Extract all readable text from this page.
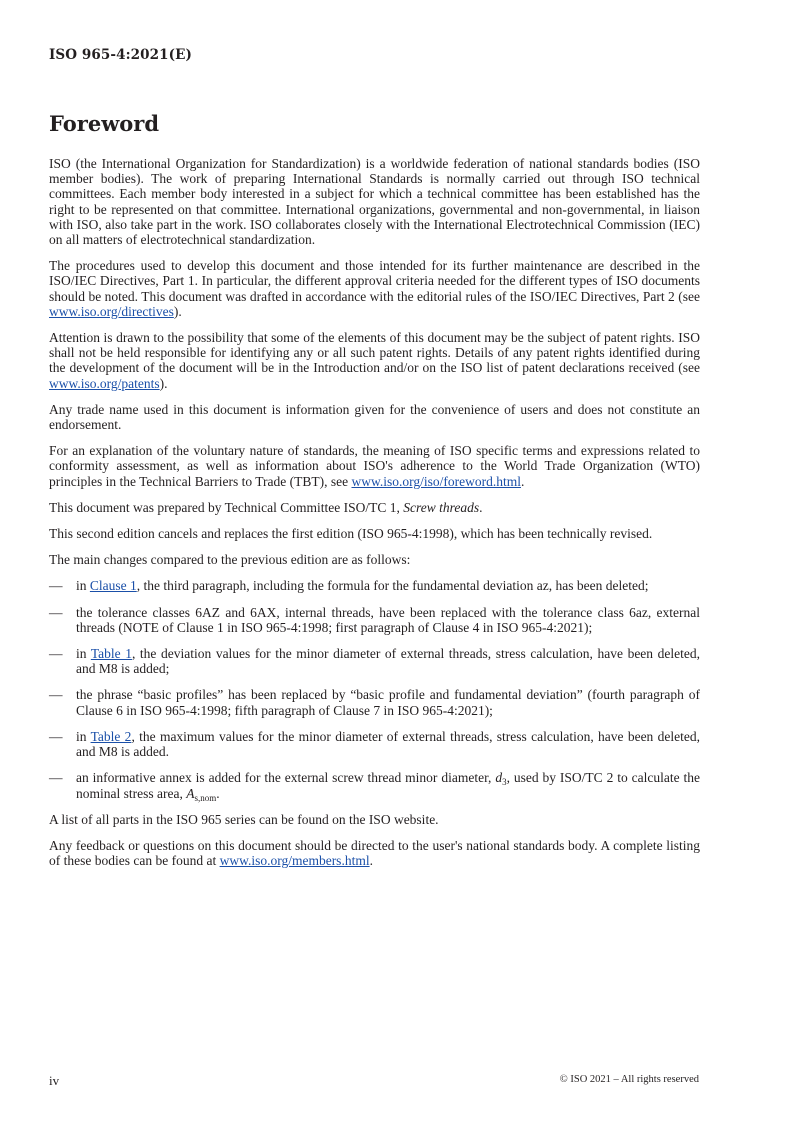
ISO 965-4:2021(E)
Foreword

ISO (the International Organization for Standardization) is a worldwide federation of national standards bodies (ISO member bodies). The work of preparing International Standards is normally carried out through ISO technical committees. Each member body interested in a subject for which a technical committee has been established has the right to be represented on that committee. International organizations, governmental and non-governmental, in liaison with ISO, also take part in the work. ISO collaborates closely with the International Electrotechnical Commission (IEC) on all matters of electrotechnical standardization.

The procedures used to develop this document and those intended for its further maintenance are described in the ISO/IEC Directives, Part 1. In particular, the different approval criteria needed for the different types of ISO documents should be noted. This document was drafted in accordance with the editorial rules of the ISO/IEC Directives, Part 2 (see www.iso.org/directives).

Attention is drawn to the possibility that some of the elements of this document may be the subject of patent rights. ISO shall not be held responsible for identifying any or all such patent rights. Details of any patent rights identified during the development of the document will be in the Introduction and/or on the ISO list of patent declarations received (see www.iso.org/patents).

Any trade name used in this document is information given for the convenience of users and does not constitute an endorsement.

For an explanation of the voluntary nature of standards, the meaning of ISO specific terms and expressions related to conformity assessment, as well as information about ISO's adherence to the World Trade Organization (WTO) principles in the Technical Barriers to Trade (TBT), see www.iso.org/iso/foreword.html.

This document was prepared by Technical Committee ISO/TC 1, Screw threads.

This second edition cancels and replaces the first edition (ISO 965-4:1998), which has been technically revised.

The main changes compared to the previous edition are as follows:

— in Clause 1, the third paragraph, including the formula for the fundamental deviation az, has been deleted;

— the tolerance classes 6AZ and 6AX, internal threads, have been replaced with the tolerance class 6az, external threads (NOTE of Clause 1 in ISO 965-4:1998; first paragraph of Clause 4 in ISO 965-4:2021);

— in Table 1, the deviation values for the minor diameter of external threads, stress calculation, have been deleted, and M8 is added;

— the phrase “basic profiles” has been replaced by “basic profile and fundamental deviation” (fourth paragraph of Clause 6 in ISO 965-4:1998; fifth paragraph of Clause 7 in ISO 965-4:2021);

— in Table 2, the maximum values for the minor diameter of external threads, stress calculation, have been deleted, and M8 is added.

— an informative annex is added for the external screw thread minor diameter, $d_3$, used by ISO/TC 2 to calculate the nominal stress area, $A_{s,nom}$.

A list of all parts in the ISO 965 series can be found on the ISO website.

Any feedback or questions on this document should be directed to the user's national standards body. A complete listing of these bodies can be found at www.iso.org/members.html.

iv	© ISO 2021 – All rights reserved
